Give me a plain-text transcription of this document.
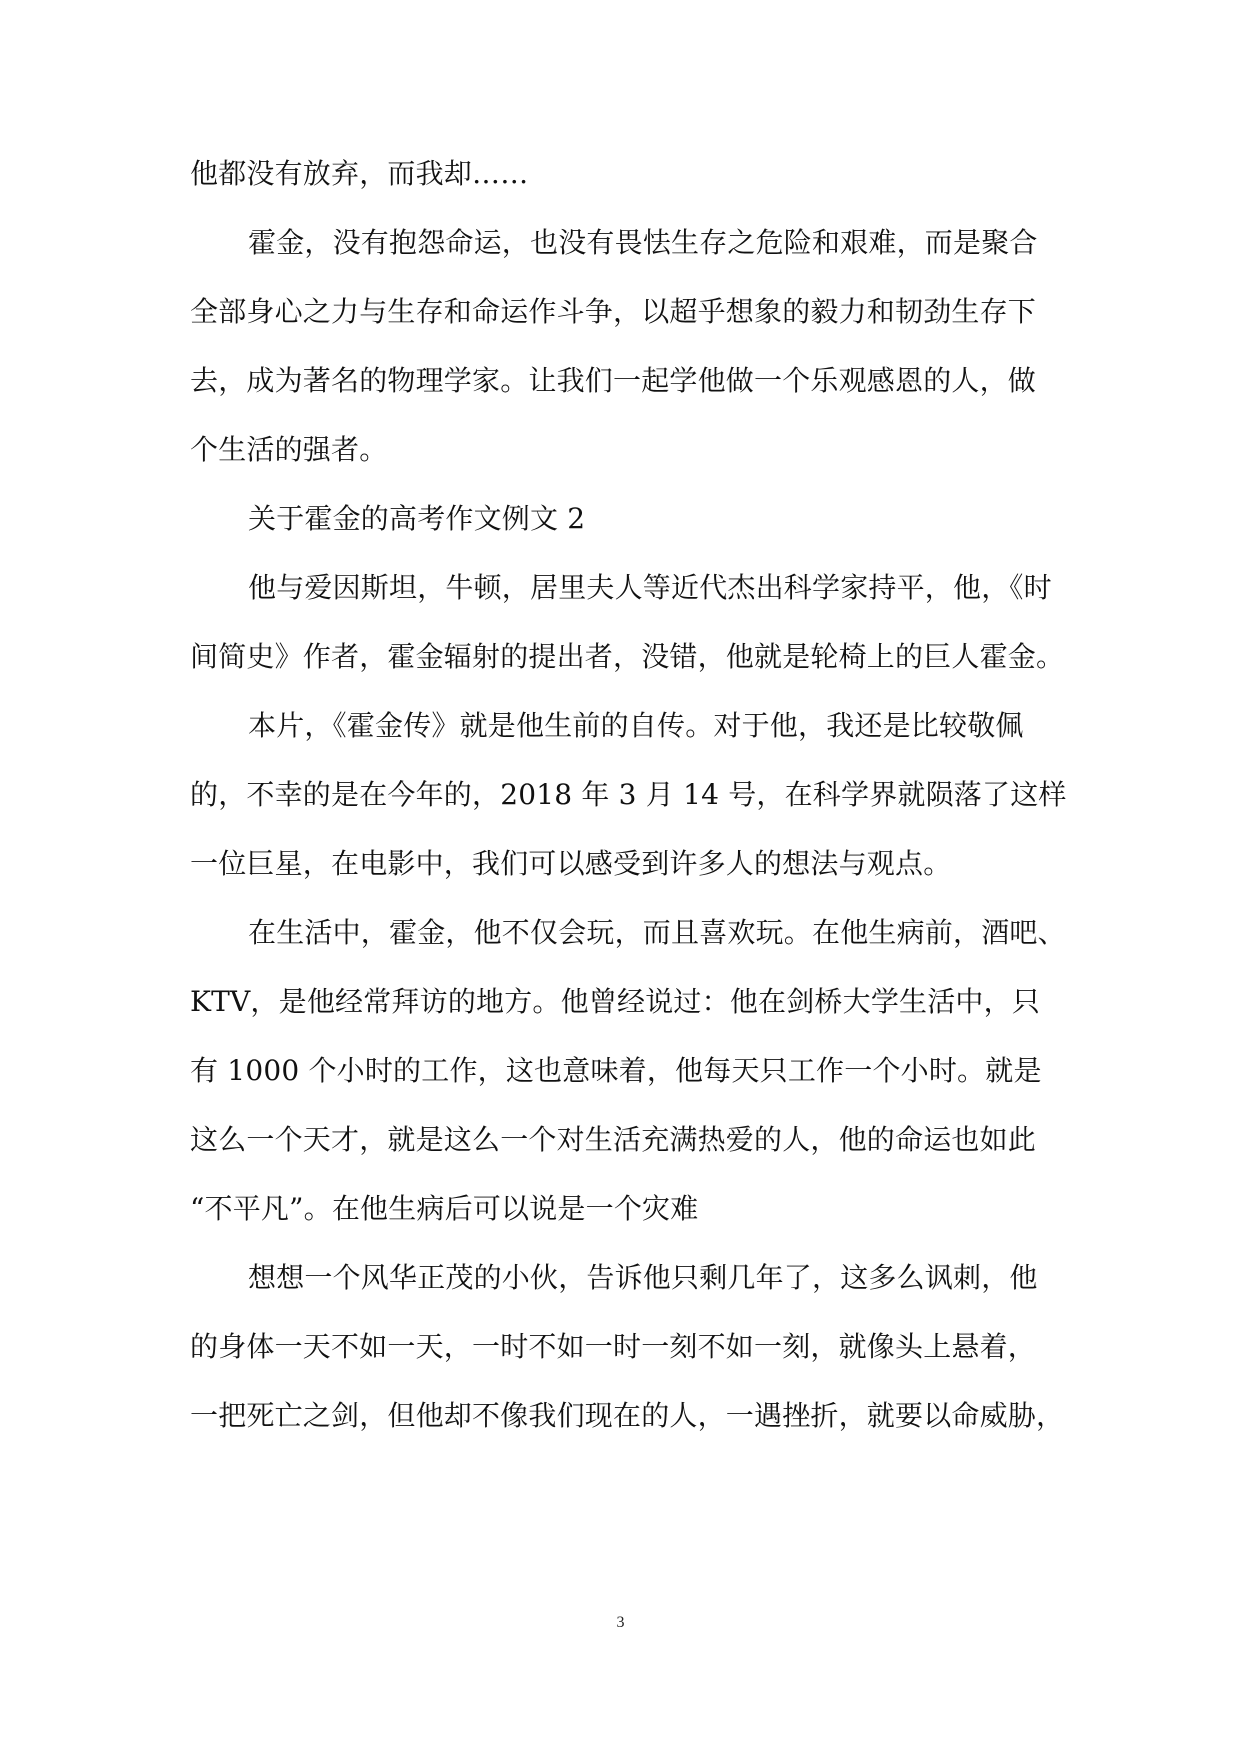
他都没有放弃，而我却……

霍金，没有抱怨命运，也没有畏怯生存之危险和艰难，而是聚合

全部身心之力与生存和命运作斗争，以超乎想象的毅力和韧劲生存下

去，成为著名的物理学家。让我们一起学他做一个乐观感恩的人，做

个生活的强者。

关于霍金的高考作文例文 2

他与爱因斯坦，牛顿，居里夫人等近代杰出科学家持平，他，《时

间简史》作者，霍金辐射的提出者，没错，他就是轮椅上的巨人霍金。

本片，《霍金传》就是他生前的自传。对于他，我还是比较敬佩

的，不幸的是在今年的，2018 年 3 月 14 号，在科学界就陨落了这样

一位巨星，在电影中，我们可以感受到许多人的想法与观点。

在生活中，霍金，他不仅会玩，而且喜欢玩。在他生病前，酒吧、

KTV，是他经常拜访的地方。他曾经说过：他在剑桥大学生活中，只

有 1000 个小时的工作，这也意味着，他每天只工作一个小时。就是

这么一个天才，就是这么一个对生活充满热爱的人，他的命运也如此

“不平凡”。在他生病后可以说是一个灾难

想想一个风华正茂的小伙，告诉他只剩几年了，这多么讽刺，他

的身体一天不如一天，一时不如一时一刻不如一刻，就像头上悬着，

一把死亡之剑，但他却不像我们现在的人，一遇挫折，就要以命威胁，

3
